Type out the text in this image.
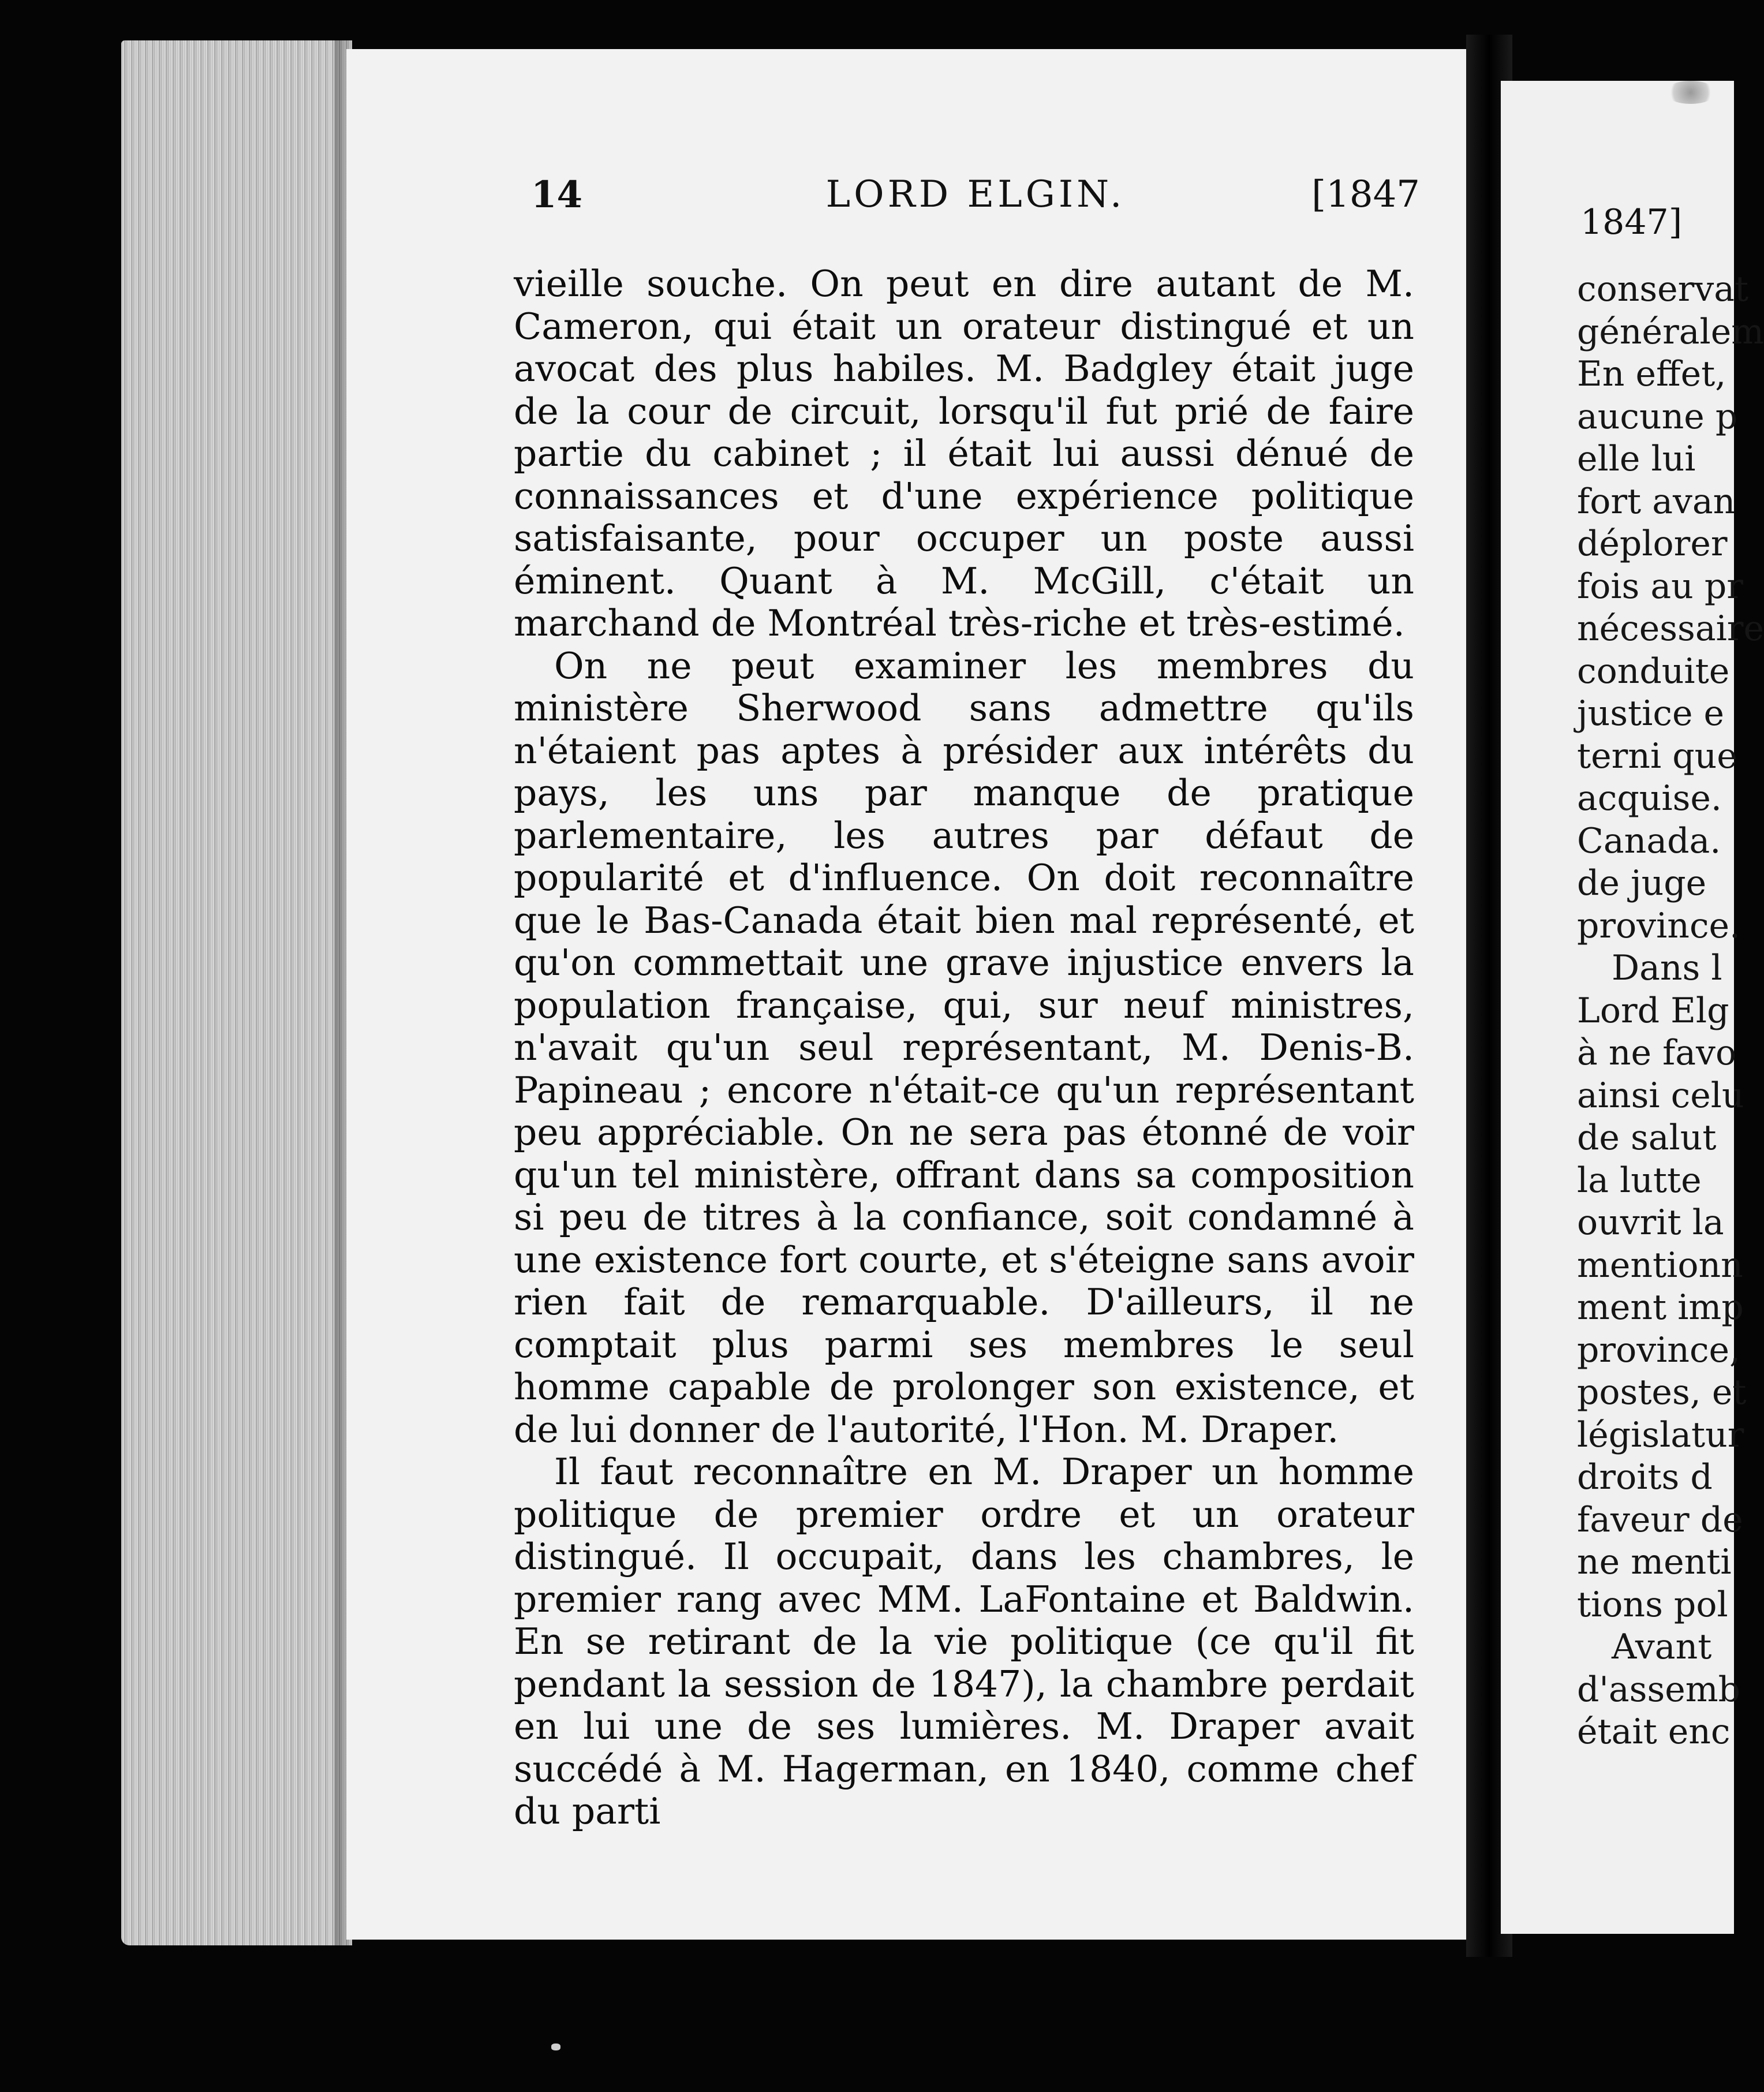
14	LORD ELGIN.	[1847

vieille souche. On peut en dire autant de M. Cameron, qui était un orateur distingué et un avocat des plus habiles. M. Badgley était juge de la cour de circuit, lorsqu'il fut prié de faire partie du cabinet ; il était lui aussi dénué de connaissances et d'une expérience politique satisfaisante, pour occuper un poste aussi éminent. Quant à M. McGill, c'était un marchand de Montréal très-riche et très-estimé.

On ne peut examiner les membres du ministère Sherwood sans admettre qu'ils n'étaient pas aptes à présider aux intérêts du pays, les uns par manque de pratique parlementaire, les autres par défaut de popularité et d'influence. On doit reconnaître que le Bas-Canada était bien mal représenté, et qu'on commettait une grave injustice envers la population française, qui, sur neuf ministres, n'avait qu'un seul représentant, M. Denis-B. Papineau ; encore n'était-ce qu'un représentant peu appréciable. On ne sera pas étonné de voir qu'un tel ministère, offrant dans sa composition si peu de titres à la confiance, soit condamné à une existence fort courte, et s'éteigne sans avoir rien fait de remarquable. D'ailleurs, il ne comptait plus parmi ses membres le seul homme capable de prolonger son existence, et de lui donner de l'autorité, l'Hon. M. Draper.

Il faut reconnaître en M. Draper un homme politique de premier ordre et un orateur distingué. Il occupait, dans les chambres, le premier rang avec MM. LaFontaine et Baldwin. En se retirant de la vie politique (ce qu'il fit pendant la session de 1847), la chambre perdait en lui une de ses lumières. M. Draper avait succédé à M. Hagerman, en 1840, comme chef du parti

1847]
conservat
généralem
En effet,
aucune p
elle lui
fort avan
déplorer
fois au pr
nécessaire
conduite
justice e
terni que
acquise.
Canada.
de juge
province.
Dans l
Lord Elg
à ne favo
ainsi celu
de salut
la lutte
ouvrit la
mentionn
ment imp
province,
postes, et
législatur
droits d
faveur de
ne menti
tions pol
Avant
d'assemb
était enc
